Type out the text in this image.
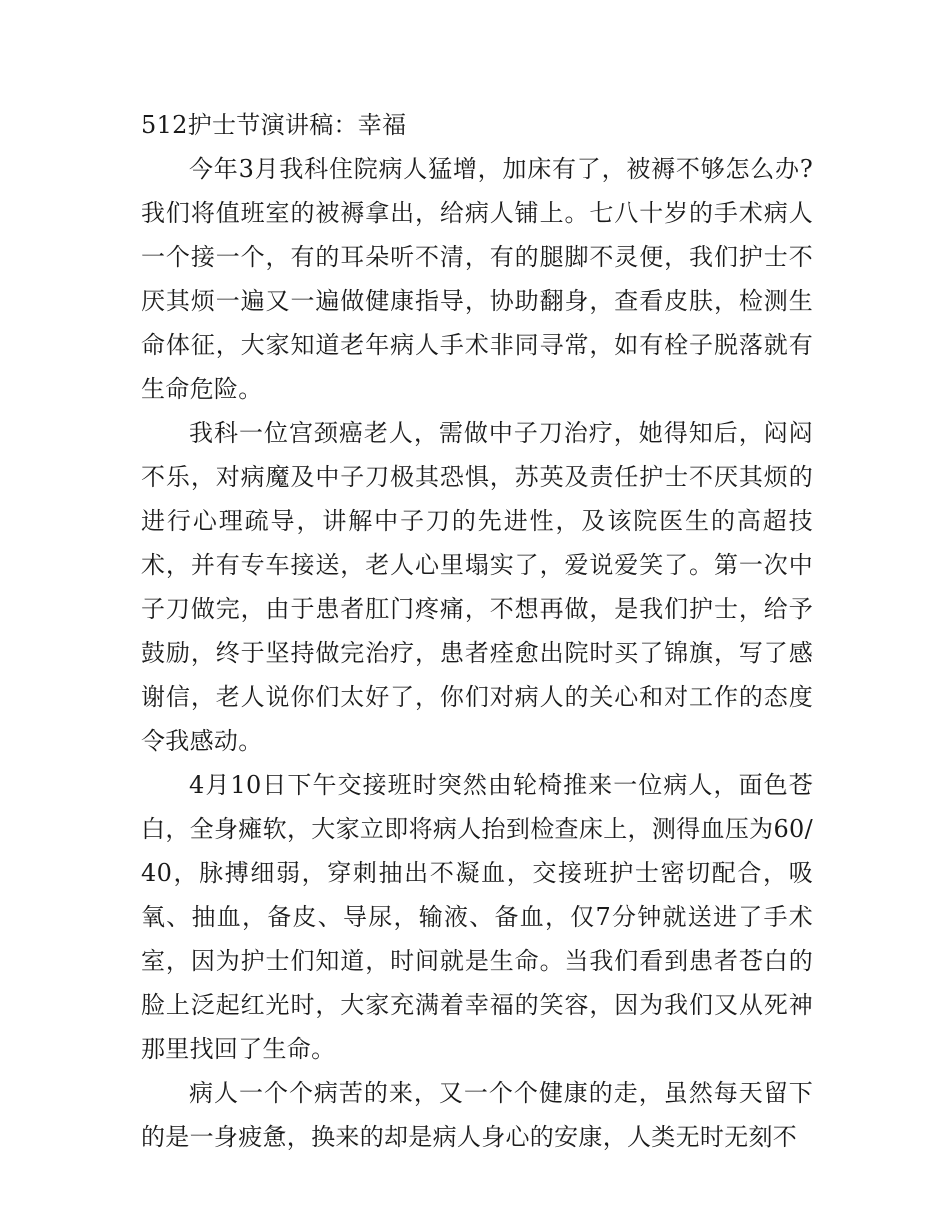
512护士节演讲稿：幸福

今年3月我科住院病人猛增，加床有了，被褥不够怎么办?我们将值班室的被褥拿出，给病人铺上。七八十岁的手术病人一个接一个，有的耳朵听不清，有的腿脚不灵便，我们护士不厌其烦一遍又一遍做健康指导，协助翻身，查看皮肤，检测生命体征，大家知道老年病人手术非同寻常，如有栓子脱落就有生命危险。

我科一位宫颈癌老人，需做中子刀治疗，她得知后，闷闷不乐，对病魔及中子刀极其恐惧，苏英及责任护士不厌其烦的进行心理疏导，讲解中子刀的先进性，及该院医生的高超技术，并有专车接送，老人心里塌实了，爱说爱笑了。第一次中子刀做完，由于患者肛门疼痛，不想再做，是我们护士，给予鼓励，终于坚持做完治疗，患者痊愈出院时买了锦旗，写了感谢信，老人说你们太好了，你们对病人的关心和对工作的态度令我感动。

4月10日下午交接班时突然由轮椅推来一位病人，面色苍白，全身瘫软，大家立即将病人抬到检查床上，测得血压为60/40，脉搏细弱，穿刺抽出不凝血，交接班护士密切配合，吸氧、抽血，备皮、导尿，输液、备血，仅7分钟就送进了手术室，因为护士们知道，时间就是生命。当我们看到患者苍白的脸上泛起红光时，大家充满着幸福的笑容，因为我们又从死神那里找回了生命。

病人一个个病苦的来，又一个个健康的走，虽然每天留下的是一身疲惫，换来的却是病人身心的安康，人类无时无刻不
